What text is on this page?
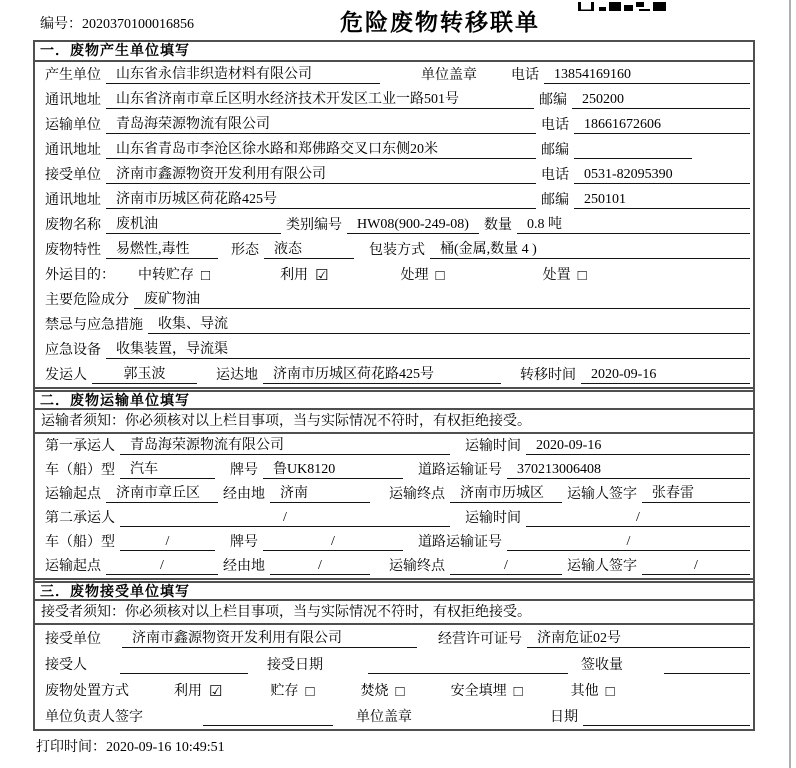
编号：2020370100016856	危险废物转移联单
一．废物产生单位填写
产生单位	山东省永信非织造材料有限公司	单位盖章	电话	13854169160
通讯地址	山东省济南市章丘区明水经济技术开发区工业一路501号	邮编	250200
运输单位	青岛海荣源物流有限公司	电话	18661672606
通讯地址	山东省青岛市李沧区徐水路和郑佛路交叉口东侧20米	邮编
接受单位	济南市鑫源物资开发利用有限公司	电话	0531-82095390
通讯地址	济南市历城区荷花路425号	邮编	250101
废物名称	废机油	类别编号	HW08(900-249-08)	数量	0.8 吨
废物特性	易燃性,毒性	形态	液态	包装方式	桶(金属,数量 4 )
外运目的：	中转贮存 □	利用 ☑	处理 □	处置 □
主要危险成分	废矿物油
禁忌与应急措施	收集、导流
应急设备	收集装置，导流渠
发运人	郭玉波	运达地	济南市历城区荷花路425号	转移时间	2020-09-16
二．废物运输单位填写
运输者须知：你必须核对以上栏目事项，当与实际情况不符时，有权拒绝接受。
第一承运人	青岛海荣源物流有限公司	运输时间	2020-09-16
车（船）型	汽车	牌号	鲁UK8120	道路运输证号	370213006408
运输起点	济南市章丘区	经由地	济南	运输终点	济南市历城区	运输人签字	张春雷
第二承运人	/	运输时间	/
车（船）型	/	牌号	/	道路运输证号	/
运输起点	/	经由地	/	运输终点	/	运输人签字	/
三．废物接受单位填写
接受者须知：你必须核对以上栏目事项，当与实际情况不符时，有权拒绝接受。
接受单位	济南市鑫源物资开发利用有限公司	经营许可证号	济南危证02号
接受人	接受日期	签收量
废物处置方式	利用 ☑	贮存 □	焚烧 □	安全填埋 □	其他 □
单位负责人签字	单位盖章	日期
打印时间：2020-09-16 10:49:51
